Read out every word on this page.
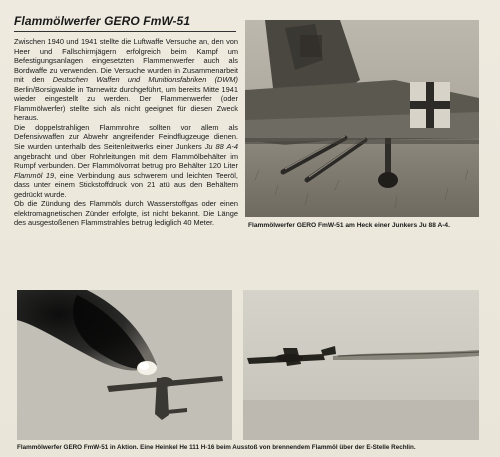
Flammölwerfer GERO FmW-51

Zwischen 1940 und 1941 stellte die Luftwaffe Versuche an, den von Heer und Fallschirmjägern erfolgreich beim Kampf um Befestigungsanlagen eingesetzten Flammenwerfer auch als Bordwaffe zu verwenden. Die Versuche wurden in Zusammenarbeit mit den Deutschen Waffen und Munitionsfabriken (DWM) Berlin/Borsigwalde in Tarnewitz durchgeführt, um bereits Mitte 1941 wieder eingestellt zu werden. Der Flammenwerfer (oder Flammölwerfer) stellte sich als nicht geeignet für diesen Zweck heraus.

Die doppelstrahligen Flammrohre sollten vor allem als Defensivwaffen zur Abwehr angreifender Feindflugzeuge dienen. Sie wurden unterhalb des Seitenleitwerks einer Junkers Ju 88 A-4 angebracht und über Rohrleitungen mit dem Flammölbehälter im Rumpf verbunden. Der Flammölvorrat betrug pro Behälter 120 Liter Flammöl 19, eine Verbindung aus schwerem und leichten Teeröl, dass unter einem Stickstoffdruck von 21 atü aus den Behältern gedrückt wurde.

Ob die Zündung des Flammöls durch Wasserstoffgas oder einen elektromagnetischen Zünder erfolgte, ist nicht bekannt. Die Länge des ausgestoßenen Flammstrahles betrug lediglich 40 Meter.	Flammölwerfer GERO FmW-51 am Heck einer Junkers Ju 88 A-4.
Flammölwerfer GERO FmW-51 in Aktion. Eine Heinkel He 111 H-16 beim Ausstoß von brennendem Flammöl über der E-Stelle Rechlin.
